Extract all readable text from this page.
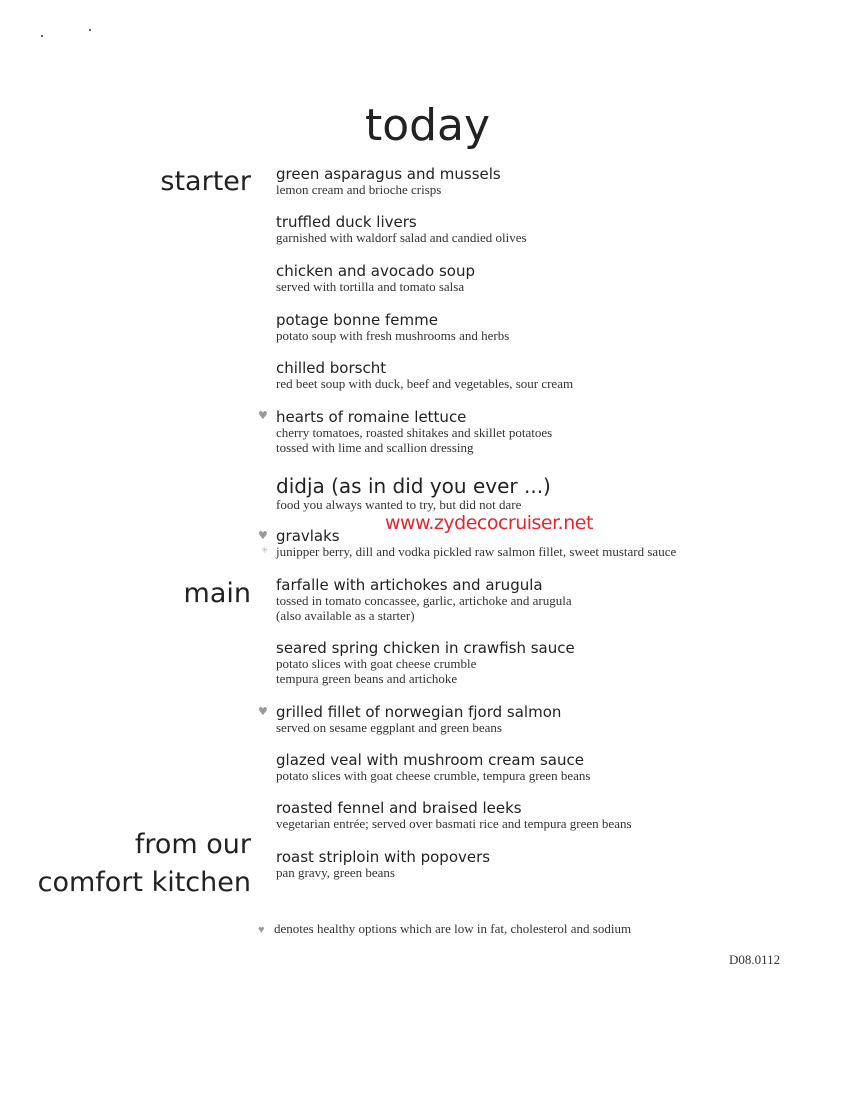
today
starter
main
from our
comfort kitchen
green asparagus and mussels
lemon cream and brioche crisps
truffled duck livers
garnished with waldorf salad and candied olives
chicken and avocado soup
served with tortilla and tomato salsa
potage bonne femme
potato soup with fresh mushrooms and herbs
chilled borscht
red beet soup with duck, beef and vegetables, sour cream
♥ hearts of romaine lettuce
cherry tomatoes, roasted shitakes and skillet potatoes
tossed with lime and scallion dressing
didja (as in did you ever ...)
food you always wanted to try, but did not dare
♥
✳
gravlaks
junipper berry, dill and vodka pickled raw salmon fillet, sweet mustard sauce
www.zydecocruiser.net
farfalle with artichokes and arugula
tossed in tomato concassee, garlic, artichoke and arugula
(also available as a starter)
seared spring chicken in crawfish sauce
potato slices with goat cheese crumble
tempura green beans and artichoke
♥ grilled fillet of norwegian fjord salmon
served on sesame eggplant and green beans
glazed veal with mushroom cream sauce
potato slices with goat cheese crumble, tempura green beans
roasted fennel and braised leeks
vegetarian entrée; served over basmati rice and tempura green beans
roast striploin with popovers
pan gravy, green beans
♥ denotes healthy options which are low in fat, cholesterol and sodium
D08.0112
